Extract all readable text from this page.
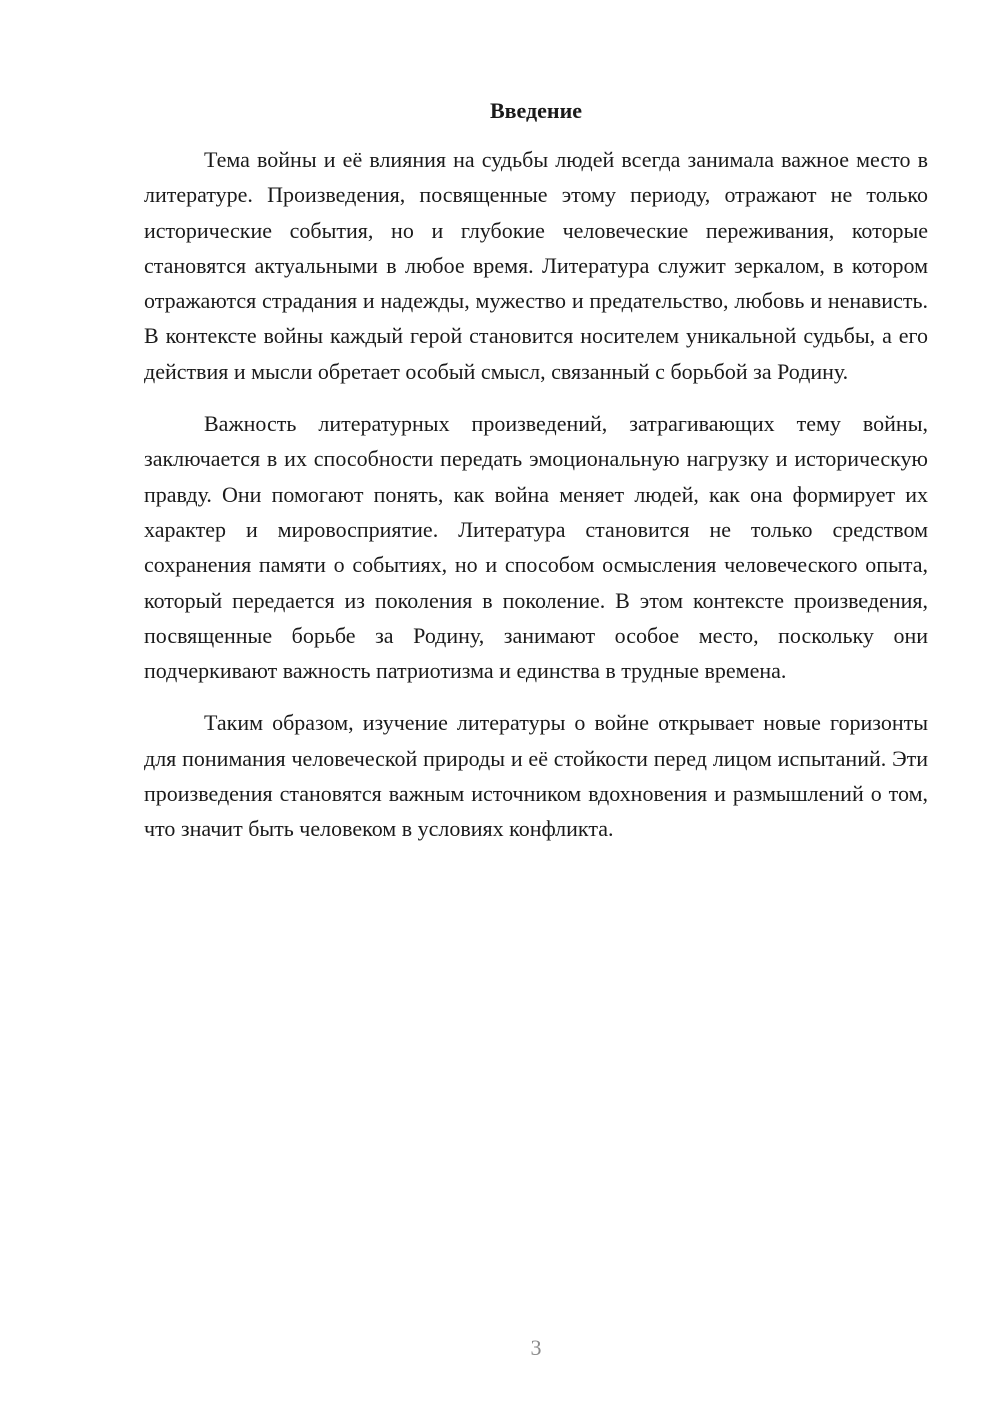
Введение

Тема войны и её влияния на судьбы людей всегда занимала важное место в литературе. Произведения, посвященные этому периоду, отражают не только исторические события, но и глубокие человеческие переживания, которые становятся актуальными в любое время. Литература служит зеркалом, в котором отражаются страдания и надежды, мужество и предательство, любовь и ненависть. В контексте войны каждый герой становится носителем уникальной судьбы, а его действия и мысли обретает особый смысл, связанный с борьбой за Родину.

Важность литературных произведений, затрагивающих тему войны, заключается в их способности передать эмоциональную нагрузку и историческую правду. Они помогают понять, как война меняет людей, как она формирует их характер и мировосприятие. Литература становится не только средством сохранения памяти о событиях, но и способом осмысления человеческого опыта, который передается из поколения в поколение. В этом контексте произведения, посвященные борьбе за Родину, занимают особое место, поскольку они подчеркивают важность патриотизма и единства в трудные времена.

Таким образом, изучение литературы о войне открывает новые горизонты для понимания человеческой природы и её стойкости перед лицом испытаний. Эти произведения становятся важным источником вдохновения и размышлений о том, что значит быть человеком в условиях конфликта.

3
